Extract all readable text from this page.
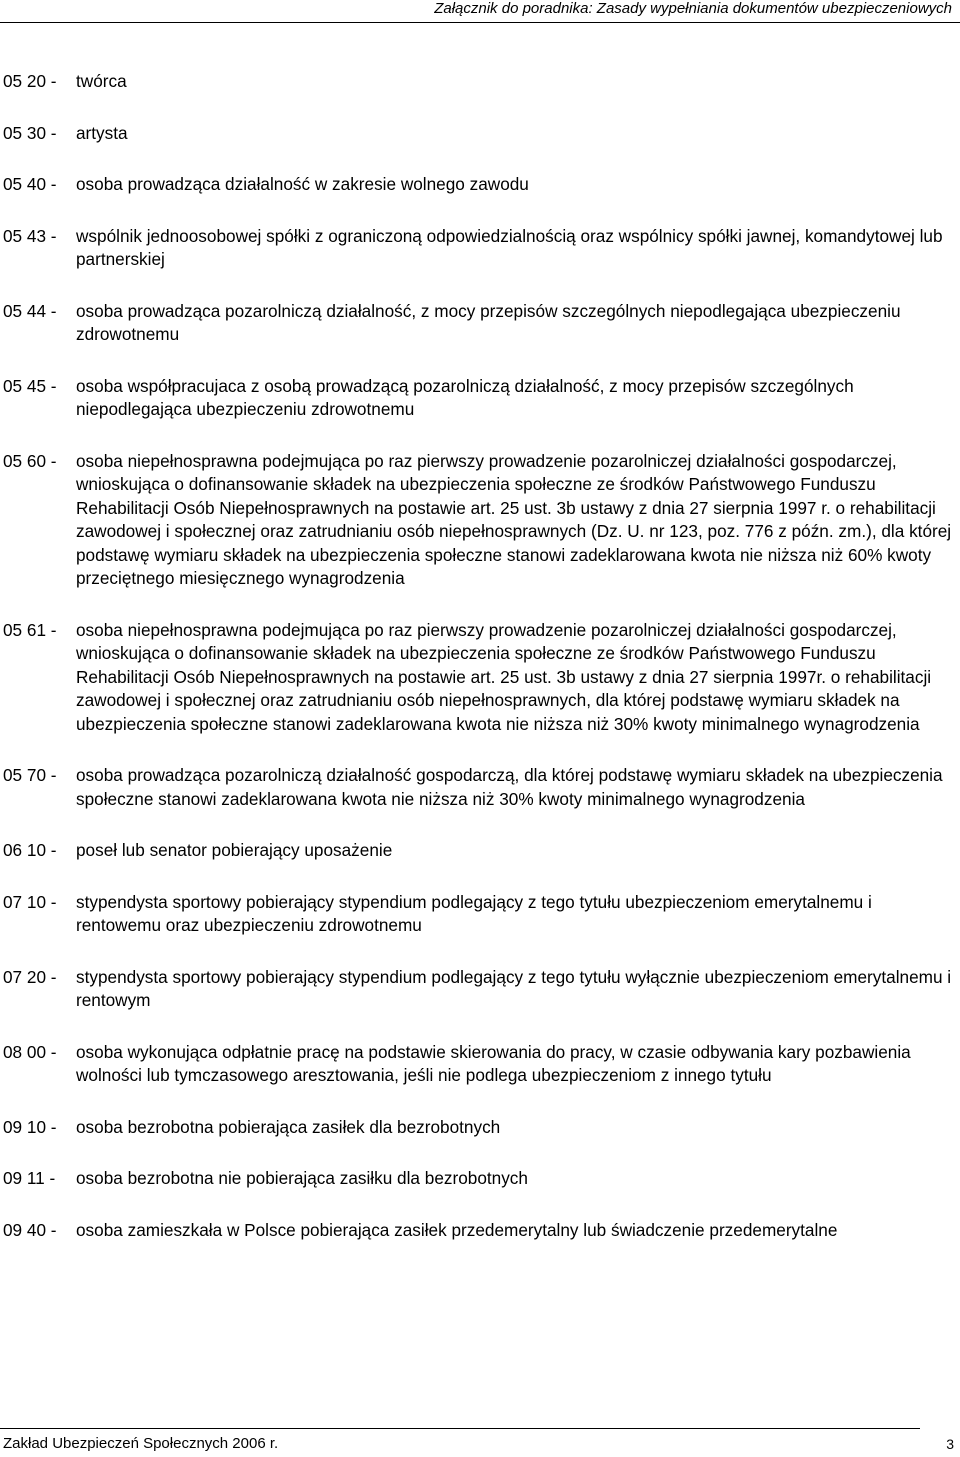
Załącznik do poradnika: Zasady wypełniania dokumentów ubezpieczeniowych
05 20 - twórca
05 30 - artysta
05 40 - osoba prowadząca działalność w zakresie wolnego zawodu
05 43 - wspólnik jednoosobowej spółki z ograniczoną odpowiedzialnością oraz wspólnicy spółki jawnej, komandytowej lub partnerskiej
05 44 - osoba prowadząca pozarolniczą działalność, z mocy przepisów szczególnych niepodlegająca ubezpieczeniu zdrowotnemu
05 45 - osoba współpracujaca z osobą prowadzącą pozarolniczą działalność, z mocy przepisów szczególnych niepodlegająca ubezpieczeniu zdrowotnemu
05 60 - osoba niepełnosprawna podejmująca po raz pierwszy prowadzenie pozarolniczej działalności gospodarczej, wnioskująca o dofinansowanie składek na ubezpieczenia społeczne ze środków Państwowego Funduszu Rehabilitacji Osób Niepełnosprawnych na postawie art. 25 ust. 3b ustawy z dnia 27 sierpnia 1997 r. o rehabilitacji zawodowej i społecznej oraz zatrudnianiu osób niepełnosprawnych (Dz. U. nr 123, poz. 776 z późn. zm.), dla której podstawę wymiaru składek na ubezpieczenia społeczne stanowi zadeklarowana kwota nie niższa niż 60% kwoty przeciętnego miesięcznego wynagrodzenia
05 61 - osoba niepełnosprawna podejmująca po raz pierwszy prowadzenie pozarolniczej działalności gospodarczej, wnioskująca o dofinansowanie składek na ubezpieczenia społeczne ze środków Państwowego Funduszu Rehabilitacji Osób Niepełnosprawnych na postawie art. 25 ust. 3b ustawy z dnia 27 sierpnia 1997r. o rehabilitacji zawodowej i społecznej oraz zatrudnianiu osób niepełnosprawnych, dla której podstawę wymiaru składek na ubezpieczenia społeczne stanowi zadeklarowana kwota nie niższa niż 30% kwoty minimalnego wynagrodzenia
05 70 - osoba prowadząca pozarolniczą działalność gospodarczą, dla której podstawę wymiaru składek na ubezpieczenia społeczne stanowi zadeklarowana kwota nie niższa niż 30% kwoty minimalnego wynagrodzenia
06 10 - poseł lub senator pobierający uposażenie
07 10 - stypendysta sportowy pobierający stypendium podlegający z tego tytułu ubezpieczeniom emerytalnemu i rentowemu oraz ubezpieczeniu zdrowotnemu
07 20 - stypendysta sportowy pobierający stypendium podlegający z tego tytułu wyłącznie ubezpieczeniom emerytalnemu i rentowym
08 00 - osoba wykonująca odpłatnie pracę na podstawie skierowania do pracy, w czasie odbywania kary pozbawienia wolności lub tymczasowego aresztowania, jeśli nie podlega ubezpieczeniom z innego tytułu
09 10 - osoba bezrobotna pobierająca zasiłek dla bezrobotnych
09 11 - osoba bezrobotna nie pobierająca zasiłku dla bezrobotnych
09 40 - osoba zamieszkała w Polsce pobierająca zasiłek przedemerytalny lub świadczenie przedemerytalne
Zakład Ubezpieczeń Społecznych 2006 r.	3
